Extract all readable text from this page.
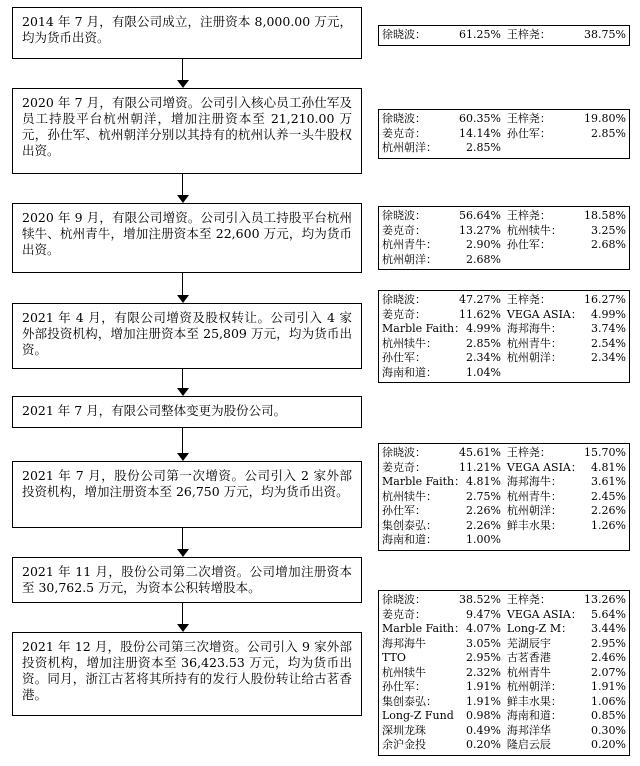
2014 年 7 月，有限公司成立，注册资本 8,000.00 万元，均为货币出资。
2020 年 7 月，有限公司增资。公司引入核心员工孙仕军及员工持股平台杭州朝洋，增加注册资本至 21,210.00 万元，孙仕军、杭州朝洋分别以其持有的杭州认养一头牛股权出资。
2020 年 9 月，有限公司增资。公司引入员工持股平台杭州犊牛、杭州青牛，增加注册资本至 22,600 万元，均为货币出资。
2021 年 4 月，有限公司增资及股权转让。公司引入 4 家外部投资机构，增加注册资本至 25,809 万元，均为货币出资。
2021 年 7 月，有限公司整体变更为股份公司。
2021 年 7 月，股份公司第一次增资。公司引入 2 家外部投资机构，增加注册资本至 26,750 万元，均为货币出资。
2021 年 11 月，股份公司第二次增资。公司增加注册资本至 30,762.5 万元，为资本公积转增股本。
2021 年 12 月，股份公司第三次增资。公司引入 9 家外部投资机构，增加注册资本至 36,423.53 万元，均为货币出资。同月，浙江古茗将其所持有的发行人股份转让给古茗香港。
徐晓波：	61.25%	王梓尧：	38.75%
徐晓波：	60.35%	王梓尧：	19.80%
姜克奇：	14.14%	孙仕军：	2.85%
杭州朝洋：	2.85%		
徐晓波：	56.64%	王梓尧：	18.58%
姜克奇：	13.27%	杭州犊牛：	3.25%
杭州青牛：	2.90%	孙仕军：	2.68%
杭州朝洋：	2.68%		
徐晓波：	47.27%	王梓尧：	16.27%
姜克奇：	11.62%	VEGA ASIA：	4.99%
Marble Faith：	4.99%	海邦海牛：	3.74%
杭州犊牛：	2.85%	杭州青牛：	2.54%
孙仕军：	2.34%	杭州朝洋：	2.34%
海南和道：	1.04%		
徐晓波：	45.61%	王梓尧：	15.70%
姜克奇：	11.21%	VEGA ASIA：	4.81%
Marble Faith：	4.81%	海邦海牛：	3.61%
杭州犊牛：	2.75%	杭州青牛：	2.45%
孙仕军：	2.26%	杭州朝洋：	2.26%
集创泰弘：	2.26%	鲜丰水果：	1.26%
海南和道：	1.00%		
徐晓波：	38.52%	王梓尧：	13.26%
姜克奇：	9.47%	VEGA ASIA：	5.64%
Marble Faith：	4.07%	Long-Z M：	3.44%
海邦海牛	3.05%	芜湖辰宇	2.95%
TTO	2.95%	古茗香港	2.46%
杭州犊牛	2.32%	杭州青牛	2.07%
孙仕军：	1.91%	杭州朝洋：	1.91%
集创泰弘：	1.91%	鲜丰水果：	1.06%
Long-Z Fund	0.98%	海南和道：	0.85%
深圳龙珠	0.49%	海邦洋华	0.30%
余沪金投	0.20%	隆启云辰	0.20%
